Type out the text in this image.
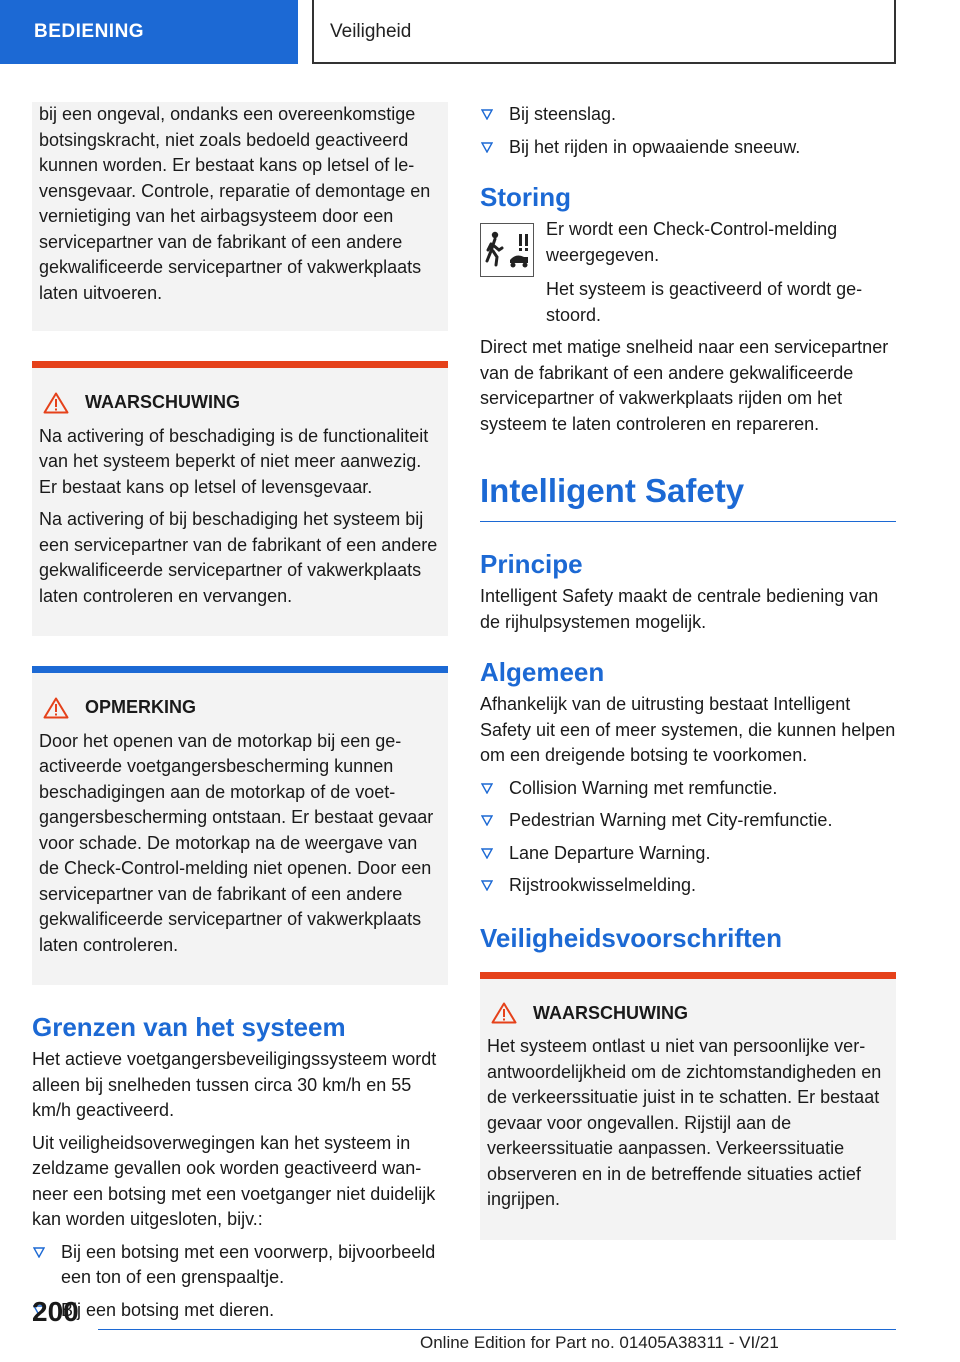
BEDIENING	Veiligheid

bij een ongeval, ondanks een overeenkomstige botsingskracht, niet zoals bedoeld geactiveerd kunnen worden. Er bestaat kans op letsel of levensgevaar. Controle, reparatie of demontage en vernietiging van het airbagsysteem door een servicepartner van de fabrikant of een andere gekwalificeerde servicepartner of vakwerkplaats laten uitvoeren.

WAARSCHUWING

Na activering of beschadiging is de functionaliteit van het systeem beperkt of niet meer aanwezig. Er bestaat kans op letsel of levensgevaar.

Na activering of bij beschadiging het systeem bij een servicepartner van de fabrikant of een andere gekwalificeerde servicepartner of vakwerkplaats laten controleren en vervangen.

OPMERKING

Door het openen van de motorkap bij een geactiveerde voetgangersbescherming kunnen beschadigingen aan de motorkap of de voetgangersbescherming ontstaan. Er bestaat gevaar voor schade. De motorkap na de weergave van de Check-Control-melding niet openen. Door een servicepartner van de fabrikant of een andere gekwalificeerde servicepartner of vakwerkplaats laten controleren.

Grenzen van het systeem

Het actieve voetgangersbeveiligingssysteem wordt alleen bij snelheden tussen circa 30 km/h en 55 km/h geactiveerd.

Uit veiligheidsoverwegingen kan het systeem in zeldzame gevallen ook worden geactiveerd wanneer een botsing met een voetganger niet duidelijk kan worden uitgesloten, bijv.:

Bij een botsing met een voorwerp, bijvoorbeeld een ton of een grenspaaltje.
Bij een botsing met dieren.
Bij steenslag.
Bij het rijden in opwaaiende sneeuw.
Storing

Er wordt een Check-Control-melding weergegeven.

Het systeem is geactiveerd of wordt gestoord.

Direct met matige snelheid naar een servicepartner van de fabrikant of een andere gekwalificeerde servicepartner of vakwerkplaats rijden om het systeem te laten controleren en repareren.

Intelligent Safety
Principe

Intelligent Safety maakt de centrale bediening van de rijhulpsystemen mogelijk.

Algemeen

Afhankelijk van de uitrusting bestaat Intelligent Safety uit een of meer systemen, die kunnen helpen om een dreigende botsing te voorkomen.

Collision Warning met remfunctie.
Pedestrian Warning met City-remfunctie.
Lane Departure Warning.
Rijstrookwisselmelding.
Veiligheidsvoorschriften
WAARSCHUWING

Het systeem ontlast u niet van persoonlijke verantwoordelijkheid om de zichtomstandigheden en de verkeerssituatie juist in te schatten. Er bestaat gevaar voor ongevallen. Rijstijl aan de verkeerssituatie aanpassen. Verkeerssituatie observeren en in de betreffende situaties actief ingrijpen.

200
Online Edition for Part no. 01405A38311 - VI/21
